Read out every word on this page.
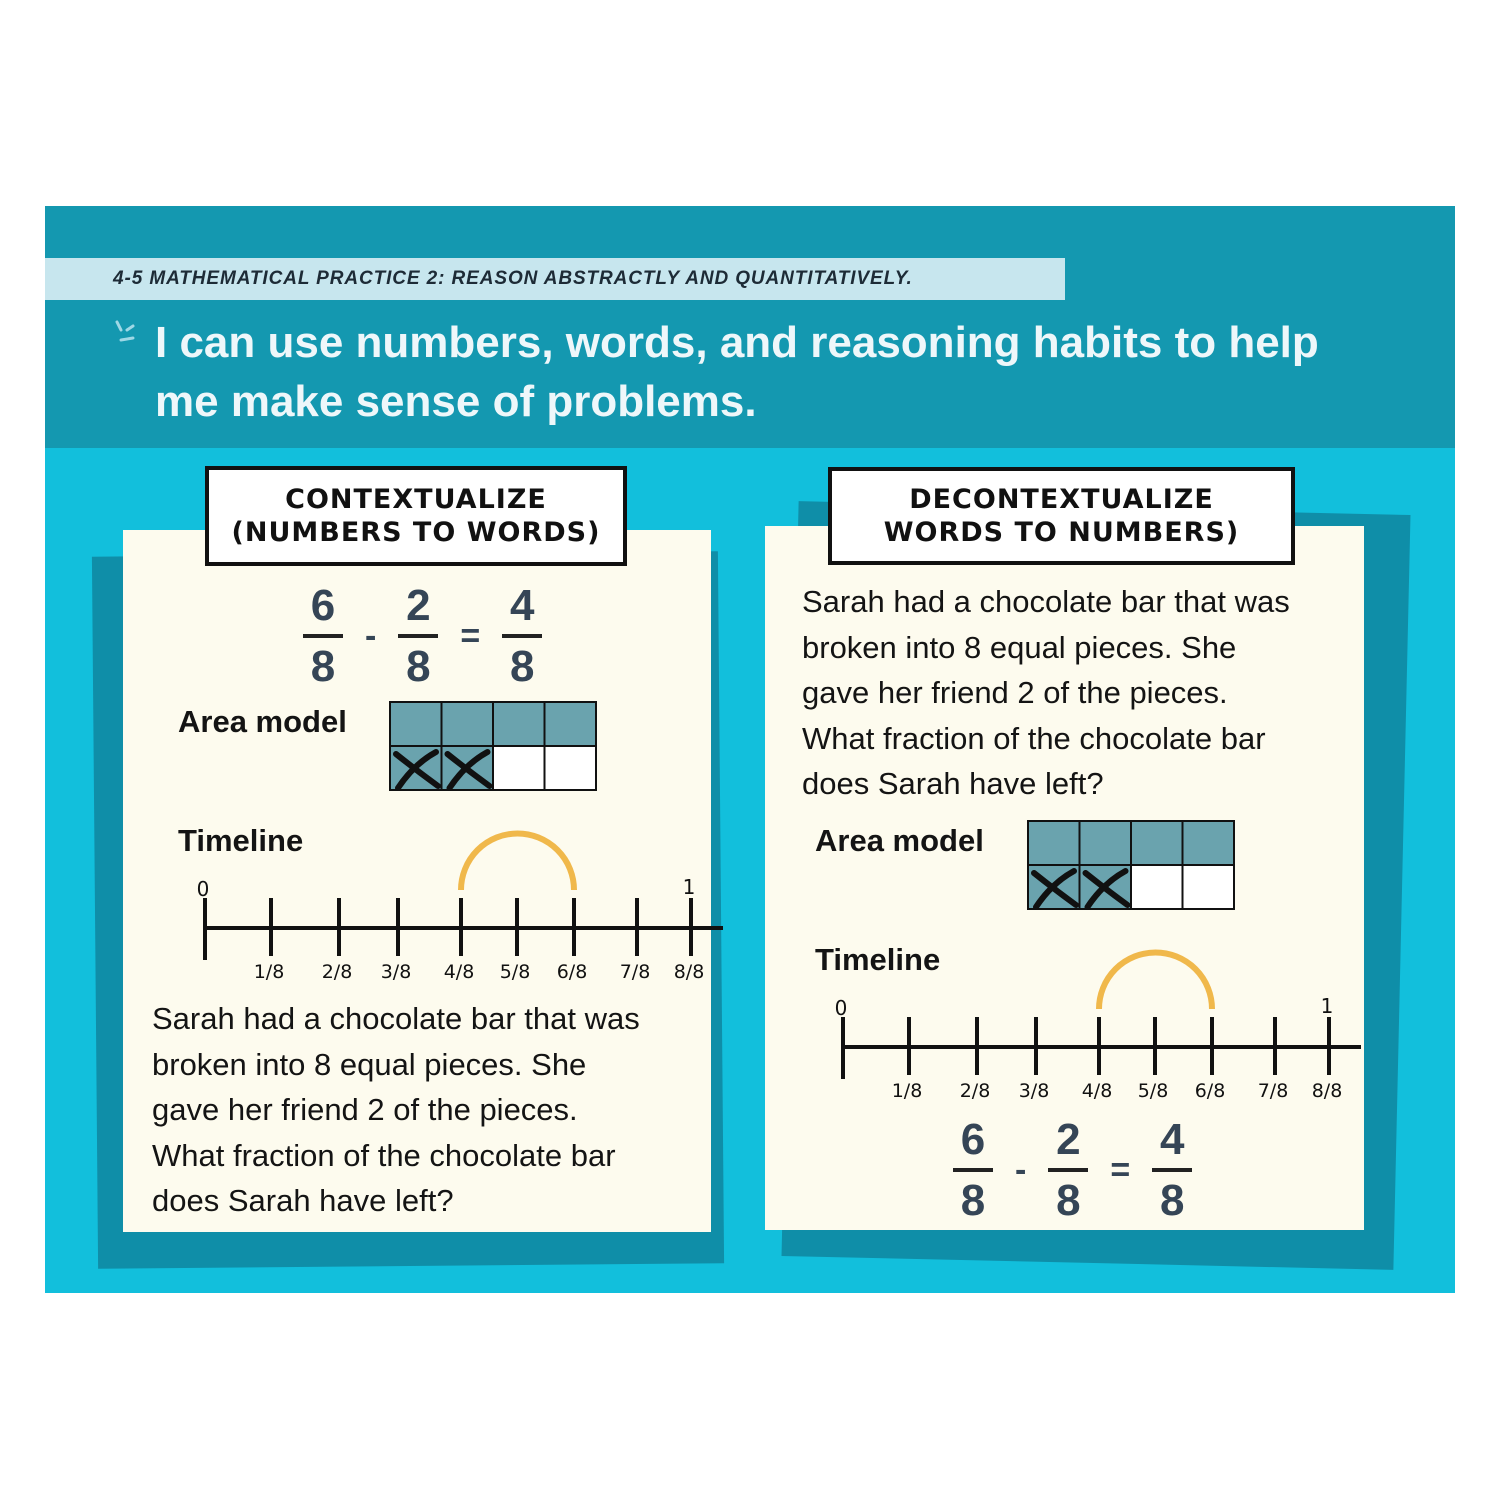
4-5 MATHEMATICAL PRACTICE 2: REASON ABSTRACTLY AND QUANTITATIVELY.
I can use numbers, words, and reasoning habits to help me make sense of problems.
CONTEXTUALIZE
(NUMBERS TO WORDS)
$\frac{6}{8} - \frac{2}{8} = \frac{4}{8}$
Area model
Timeline
0	1
1/8 2/8 3/8 4/8 5/8 6/8 7/8 8/8
Sarah had a chocolate bar that was
broken into 8 equal pieces. She
gave her friend 2 of the pieces.
What fraction of the chocolate bar
does Sarah have left?
DECONTEXTUALIZE
WORDS TO NUMBERS)
Sarah had a chocolate bar that was
broken into 8 equal pieces. She
gave her friend 2 of the pieces.
What fraction of the chocolate bar
does Sarah have left?
Area model
Timeline
0	1
1/8 2/8 3/8 4/8 5/8 6/8 7/8 8/8
$\frac{6}{8} - \frac{2}{8} = \frac{4}{8}$
